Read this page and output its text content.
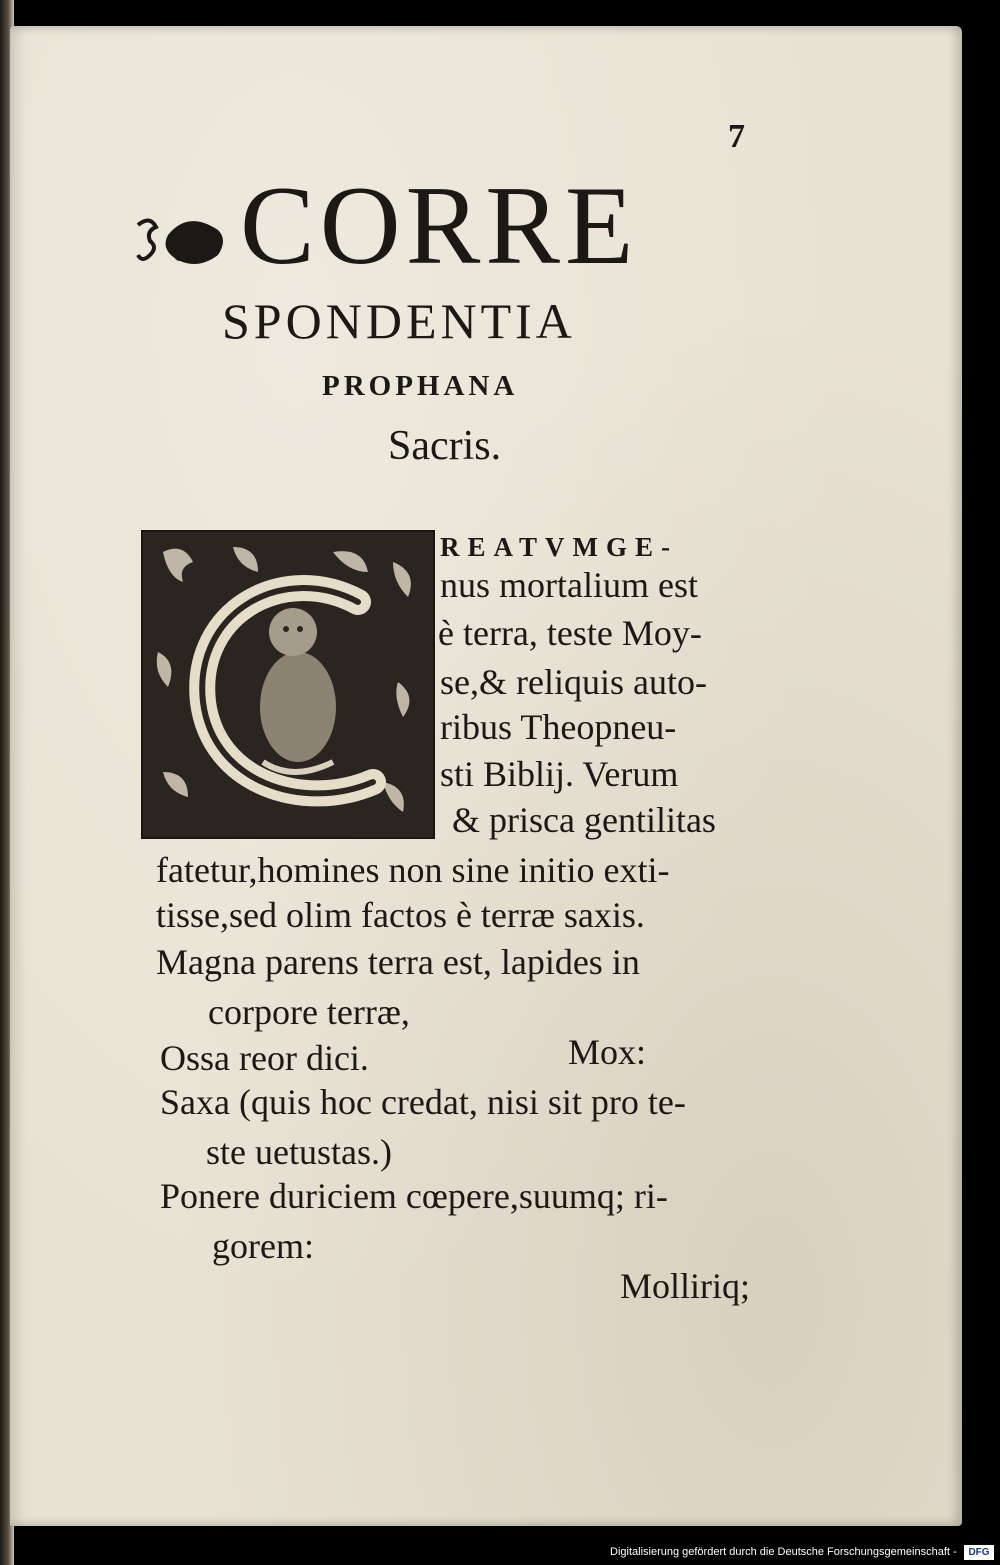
7
CORRE
SPONDENTIA
PROPHANA
Sacris.
REATVMGE-
nus mortalium est
è terra, teste Moy-
se,& reliquis auto-
ribus Theopneu-
sti Biblij. Verum
& prisca gentilitas
fatetur,homines non sine initio exti-
tisse,sed olim factos è terræ saxis.
Magna parens terra est, lapides in
corpore terræ,
Ossa reor dici.	Mox:
Saxa (quis hoc credat, nisi sit pro te-
ste uetustas.)
Ponere duriciem cœpere,suumq; ri-
gorem:
Molliriq;
Digitalisierung gefördert durch die Deutsche Forschungsgemeinschaft -	DFG
